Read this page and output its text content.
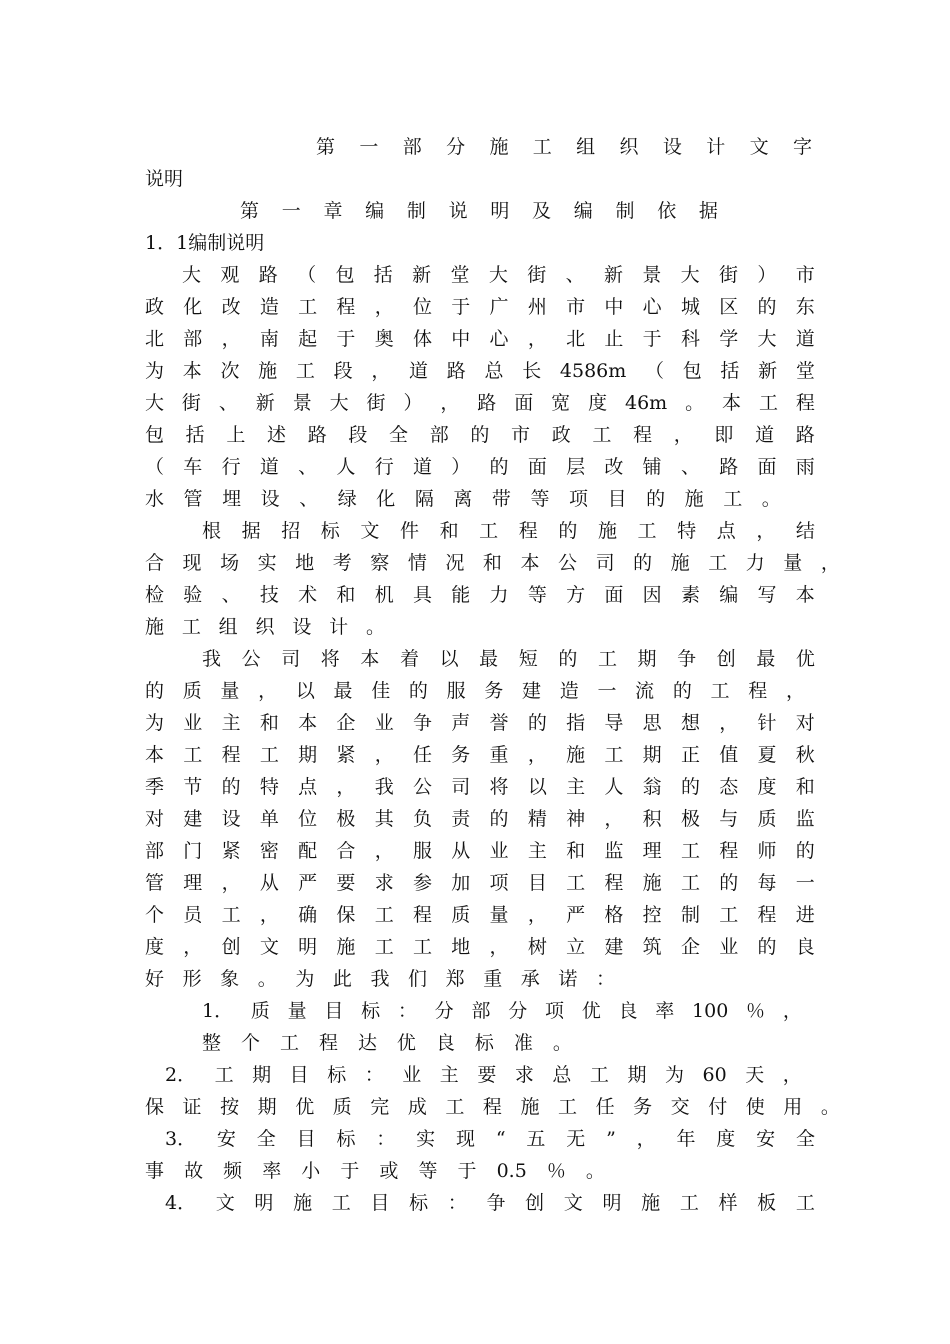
第 一 部 分 施 工 组 织 设 计 文 字
说 明
第 一 章 编 制 说 明 及 编 制 依 据
1． 1 编 制 说 明
大 观 路 （ 包 括 新 堂 大 街 、 新 景 大 街 ） 市
政 化 改 造 工 程 ， 位 于 广 州 市 中 心 城 区 的 东
北 部 ， 南 起 于 奥 体 中 心 ， 北 止 于 科 学 大 道
为 本 次 施 工 段 ， 道 路 总 长 4586m （ 包 括 新 堂
大 街 、 新 景 大 街 ） ， 路 面 宽 度 46m 。 本 工 程
包 括 上 述 路 段 全 部 的 市 政 工 程 ， 即 道 路
（ 车 行 道 、 人 行 道 ） 的 面 层 改 铺 、 路 面 雨
水 管 埋 设 、 绿 化 隔 离 带 等 项 目 的 施 工 。
根 据 招 标 文 件 和 工 程 的 施 工 特 点 ， 结
合 现 场 实 地 考 察 情 况 和 本 公 司 的 施 工 力 量 ，
检 验 、 技 术 和 机 具 能 力 等 方 面 因 素 编 写 本
施 工 组 织 设 计 。
我 公 司 将 本 着 以 最 短 的 工 期 争 创 最 优
的 质 量 ， 以 最 佳 的 服 务 建 造 一 流 的 工 程 ，
为 业 主 和 本 企 业 争 声 誉 的 指 导 思 想 ， 针 对
本 工 程 工 期 紧 ， 任 务 重 ， 施 工 期 正 值 夏 秋
季 节 的 特 点 ， 我 公 司 将 以 主 人 翁 的 态 度 和
对 建 设 单 位 极 其 负 责 的 精 神 ， 积 极 与 质 监
部 门 紧 密 配 合 ， 服 从 业 主 和 监 理 工 程 师 的
管 理 ， 从 严 要 求 参 加 项 目 工 程 施 工 的 每 一
个 员 工 ， 确 保 工 程 质 量 ， 严 格 控 制 工 程 进
度 ， 创 文 明 施 工 工 地 ， 树 立 建 筑 企 业 的 良
好 形 象 。 为 此 我 们 郑 重 承 诺 ：
1． 质 量 目 标 ： 分 部 分 项 优 良 率 100 ％ ，
整 个 工 程 达 优 良 标 准 。
2． 工 期 目 标 ： 业 主 要 求 总 工 期 为 60 天 ，
保 证 按 期 优 质 完 成 工 程 施 工 任 务 交 付 使 用 。
3． 安 全 目 标 ： 实 现 “ 五 无 ” ， 年 度 安 全
事 故 频 率 小 于 或 等 于 0.5 ％ 。
4． 文 明 施 工 目 标 ： 争 创 文 明 施 工 样 板 工
